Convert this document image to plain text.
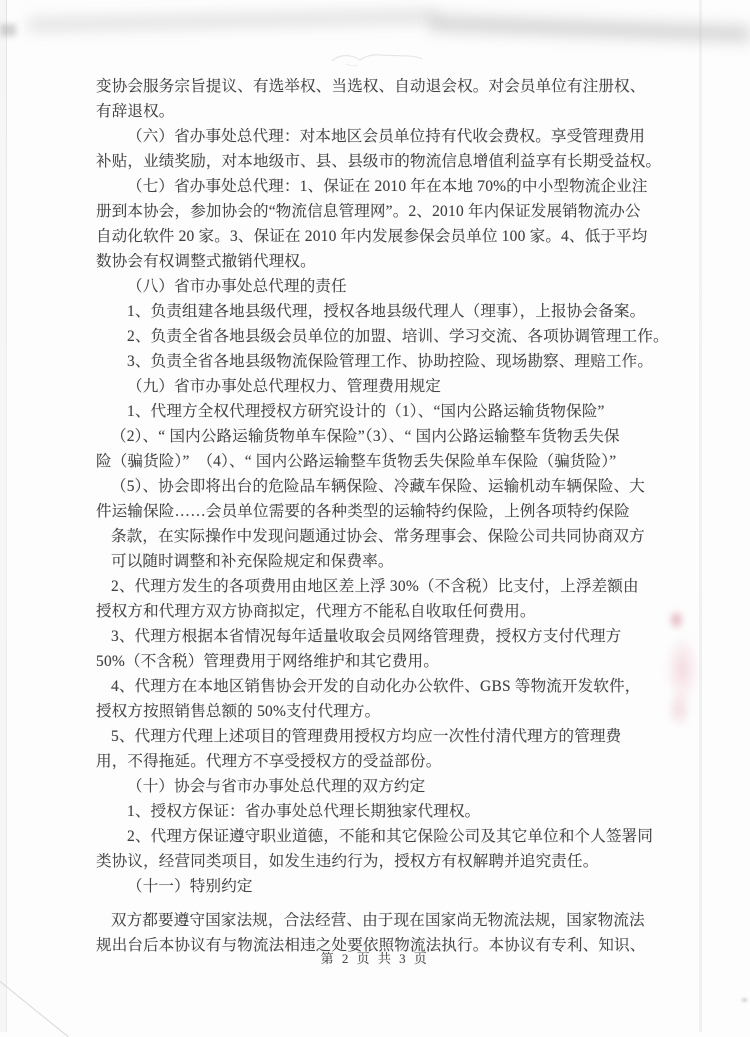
变协会服务宗旨提议、有选举权、当选权、自动退会权。对会员单位有注册权、
有辞退权。
（六）省办事处总代理：对本地区会员单位持有代收会费权。享受管理费用
补贴，业绩奖励，对本地级市、县、县级市的物流信息增值利益享有长期受益权。
（七）省办事处总代理：1、保证在 2010 年在本地 70%的中小型物流企业注
册到本协会，参加协会的“物流信息管理网”。2、2010 年内保证发展销物流办公
自动化软件 20 家。3、保证在 2010 年内发展参保会员单位 100 家。4、低于平均
数协会有权调整式撤销代理权。
（八）省市办事处总代理的责任
1、负责组建各地县级代理，授权各地县级代理人（理事），上报协会备案。
2、负责全省各地县级会员单位的加盟、培训、学习交流、各项协调管理工作。
3、负责全省各地县级物流保险管理工作、协助控险、现场勘察、理赔工作。
（九）省市办事处总代理权力、管理费用规定
1、代理方全权代理授权方研究设计的（1）、“国内公路运输货物保险”
（2）、“ 国内公路运输货物单车保险”（3）、“ 国内公路运输整车货物丢失保
险（骗货险）”　（4）、“ 国内公路运输整车货物丢失保险单车保险（骗货险）”
（5）、协会即将出台的危险品车辆保险、冷藏车保险、运输机动车辆保险、大
件运输保险……会员单位需要的各种类型的运输特约保险，上例各项特约保险
条款，在实际操作中发现问题通过协会、常务理事会、保险公司共同协商双方
可以随时调整和补充保险规定和保费率。
2、代理方发生的各项费用由地区差上浮 30%（不含税）比支付，上浮差额由
授权方和代理方双方协商拟定，代理方不能私自收取任何费用。
3、代理方根据本省情况每年适量收取会员网络管理费，授权方支付代理方
50%（不含税）管理费用于网络维护和其它费用。
4、代理方在本地区销售协会开发的自动化办公软件、GBS 等物流开发软件，
授权方按照销售总额的 50%支付代理方。
5、代理方代理上述项目的管理费用授权方均应一次性付清代理方的管理费
用，不得拖延。代理方不享受授权方的受益部份。
（十）协会与省市办事处总代理的双方约定
1、授权方保证：省办事处总代理长期独家代理权。
2、代理方保证遵守职业道德，不能和其它保险公司及其它单位和个人签署同
类协议，经营同类项目，如发生违约行为，授权方有权解聘并追究责任。
（十一）特别约定
双方都要遵守国家法规，合法经营、由于现在国家尚无物流法规，国家物流法
规出台后本协议有与物流法相违之处要依照物流法执行。本协议有专利、知识、
第 2 页 共 3 页
